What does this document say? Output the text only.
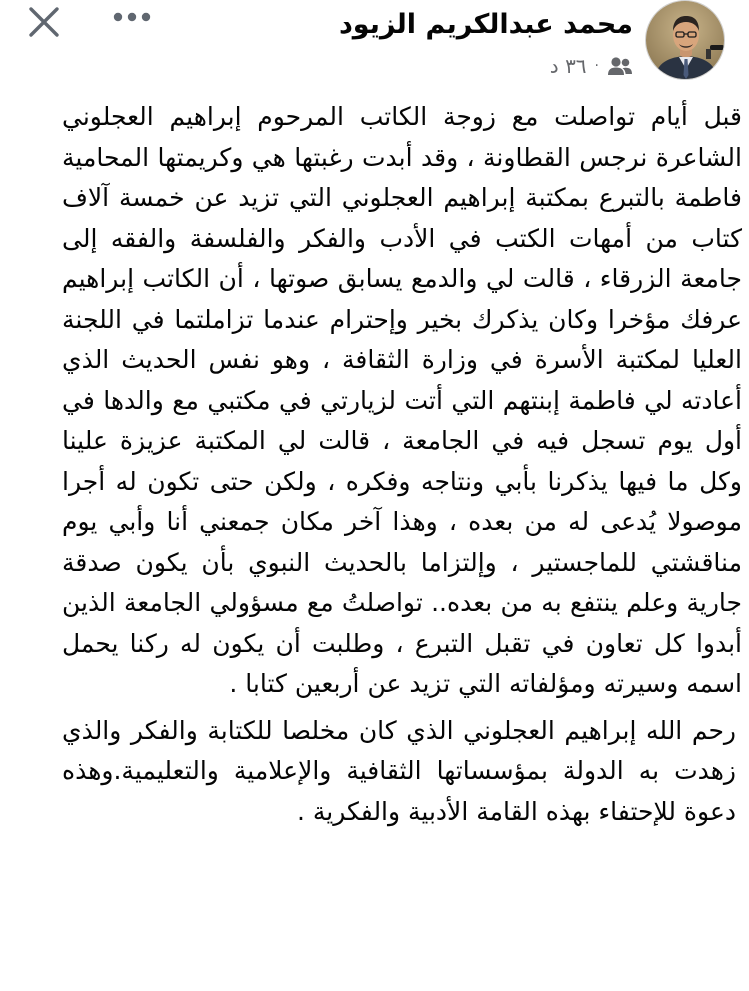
محمد عبدالكريم الزيود
٣٦ د ·

قبل أيام تواصلت مع زوجة الكاتب المرحوم إبراهيم العجلوني الشاعرة نرجس القطاونة ، وقد أبدت رغبتها هي وكريمتها المحامية فاطمة بالتبرع بمكتبة إبراهيم العجلوني التي تزيد عن خمسة آلاف كتاب من أمهات الكتب في الأدب والفكر والفلسفة والفقه إلى جامعة الزرقاء ، قالت لي والدمع يسابق صوتها ، أن الكاتب إبراهيم عرفك مؤخرا وكان يذكرك بخير وإحترام عندما تزاملتما في اللجنة العليا لمكتبة الأسرة في وزارة الثقافة ، وهو نفس الحديث الذي أعادته لي فاطمة إبنتهم التي أتت لزيارتي في مكتبي مع والدها في أول يوم تسجل فيه في الجامعة ، قالت لي المكتبة عزيزة علينا وكل ما فيها يذكرنا بأبي ونتاجه وفكره ، ولكن حتى تكون له أجرا موصولا يُدعى له من بعده ، وهذا آخر مكان جمعني أنا وأبي يوم مناقشتي للماجستير ، وإلتزاما بالحديث النبوي بأن يكون صدقة جارية وعلم ينتفع به من بعده.. تواصلتُ مع مسؤولي الجامعة الذين أبدوا كل تعاون في تقبل التبرع ، وطلبت أن يكون له ركنا يحمل اسمه وسيرته ومؤلفاته التي تزيد عن أربعين كتابا .

رحم الله إبراهيم العجلوني الذي كان مخلصا للكتابة والفكر والذي زهدت به الدولة بمؤسساتها الثقافية والإعلامية والتعليمية.وهذه دعوة للإحتفاء بهذه القامة الأدبية والفكرية .
